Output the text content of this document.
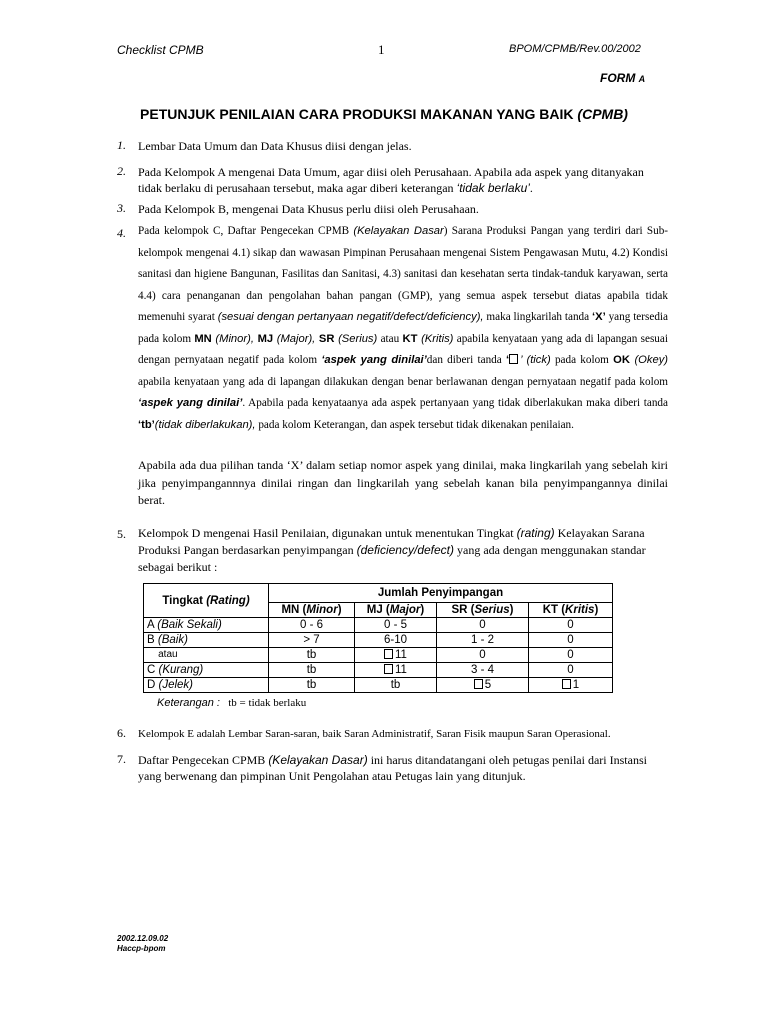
Checklist CPMB	1	BPOM/CPMB/Rev.00/2002
FORM A
PETUNJUK PENILAIAN CARA PRODUKSI MAKANAN YANG BAIK (CPMB)
1. Lembar Data Umum dan Data Khusus diisi dengan jelas.
2. Pada Kelompok A mengenai Data Umum, agar diisi oleh Perusahaan. Apabila ada aspek yang ditanyakan tidak berlaku di perusahaan tersebut, maka agar diberi keterangan ‘tidak berlaku’.
3. Pada Kelompok B, mengenai Data Khusus perlu diisi oleh Perusahaan.
4. Pada kelompok C, Daftar Pengecekan CPMB (Kelayakan Dasar) Sarana Produksi Pangan yang terdiri dari Sub-kelompok mengenai 4.1) sikap dan wawasan Pimpinan Perusahaan mengenai Sistem Pengawasan Mutu, 4.2) Kondisi sanitasi dan higiene Bangunan, Fasilitas dan Sanitasi, 4.3) sanitasi dan kesehatan serta tindak-tanduk karyawan, serta 4.4) cara penanganan dan pengolahan bahan pangan (GMP), yang semua aspek tersebut diatas apabila tidak memenuhi syarat (sesuai dengan pertanyaan negatif/defect/deficiency), maka lingkarilah tanda ‘X’ yang tersedia pada kolom MN (Minor), MJ (Major), SR (Serius) atau KT (Kritis) apabila kenyataan yang ada di lapangan sesuai dengan pernyataan negatif pada kolom ‘aspek yang dinilai’dan diberi tanda ‘ ’ (tick) pada kolom OK (Okey) apabila kenyataan yang ada di lapangan dilakukan dengan benar berlawanan dengan pernyataan negatif pada kolom ‘aspek yang dinilai’. Apabila pada kenyataanya ada aspek pertanyaan yang tidak diberlakukan maka diberi tanda ‘tb’(tidak diberlakukan), pada kolom Keterangan, dan aspek tersebut tidak dikenakan penilaian.
Apabila ada dua pilihan tanda ‘X’ dalam setiap nomor aspek yang dinilai, maka lingkarilah yang sebelah kiri jika penyimpangannnya dinilai ringan dan lingkarilah yang sebelah kanan bila penyimpangannya dinilai berat.
5. Kelompok D mengenai Hasil Penilaian, digunakan untuk menentukan Tingkat (rating) Kelayakan Sarana Produksi Pangan berdasarkan penyimpangan (deficiency/defect) yang ada dengan menggunakan standar sebagai berikut :
Tingkat (Rating)	Jumlah Penyimpangan			
	MN (Minor)	MJ (Major)	SR (Serius)	KT (Kritis)
A (Baik Sekali)	0 - 6	0 - 5	0	0
B (Baik)	> 7	6-10	1 - 2	0
atau	tb	11	0	0
C (Kurang)	tb	11	3 - 4	0
D (Jelek)	tb	tb	5	1
Keterangan :   tb = tidak berlaku
6. Kelompok E adalah Lembar Saran-saran, baik Saran Administratif, Saran Fisik maupun Saran Operasional.
7. Daftar Pengecekan CPMB (Kelayakan Dasar) ini harus ditandatangani oleh petugas penilai dari Instansi yang berwenang dan pimpinan Unit Pengolahan atau Petugas lain yang ditunjuk.
2002.12.09.02
Haccp-bpom
